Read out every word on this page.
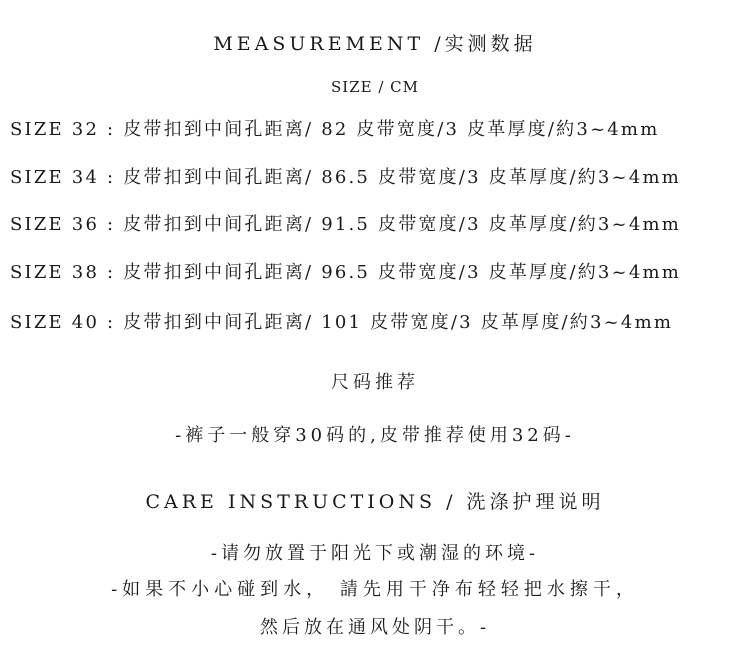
MEASUREMENT /实测数据
SIZE / CM
SIZE 32 : 皮带扣到中间孔距离/ 82 皮带宽度/3 皮革厚度/約3~4mm
SIZE 34 : 皮带扣到中间孔距离/ 86.5 皮带宽度/3 皮革厚度/約3~4mm
SIZE 36 : 皮带扣到中间孔距离/ 91.5 皮带宽度/3 皮革厚度/約3~4mm
SIZE 38 : 皮带扣到中间孔距离/ 96.5 皮带宽度/3 皮革厚度/約3~4mm
SIZE 40 : 皮带扣到中间孔距离/ 101 皮带宽度/3 皮革厚度/約3~4mm
尺码推荐
-裤子一般穿30码的,皮带推荐使用32码-
CARE INSTRUCTIONS / 洗涤护理说明
-请勿放置于阳光下或潮湿的环境-
-如果不小心碰到水， 請先用干净布轻轻把水擦干，
然后放在通风处阴干。-
